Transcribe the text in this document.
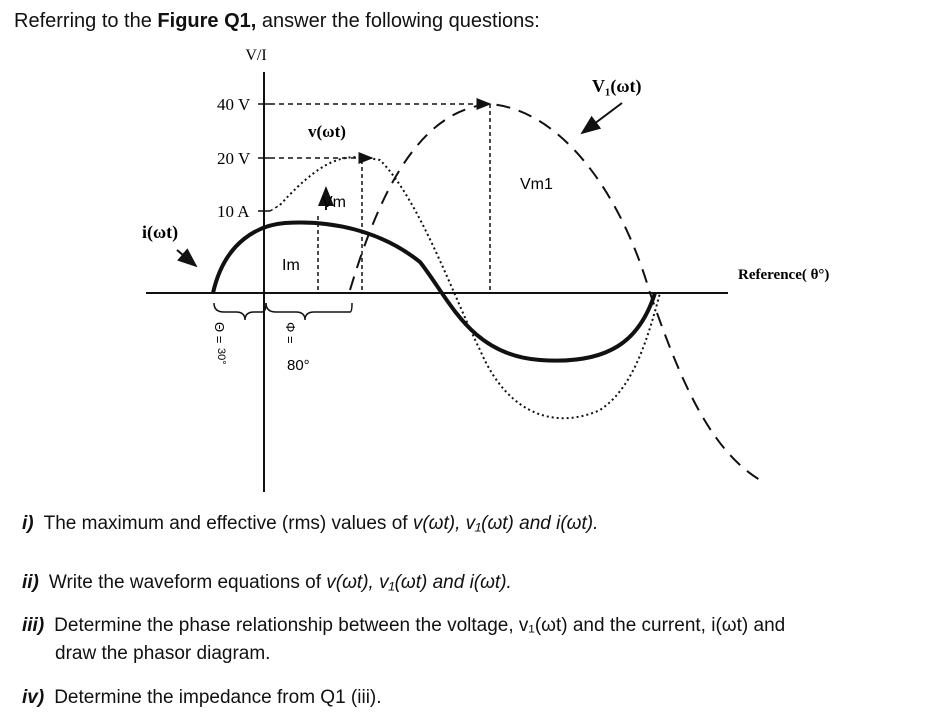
Referring to the Figure Q1, answer the following questions:
V/I
40 V
20 V
10 A
i(ωt)
v(ωt)
V₁(ωt)
Vm
Vm1
Im
Reference( θ°)
Θ =
30°
Φ =
80°
i) The maximum and effective (rms) values of v(ωt), v₁(ωt) and i(ωt).
ii) Write the waveform equations of v(ωt), v₁(ωt) and i(ωt).
iii) Determine the phase relationship between the voltage, v₁(ωt) and the current, i(ωt) and
draw the phasor diagram.
iv) Determine the impedance from Q1 (iii).
